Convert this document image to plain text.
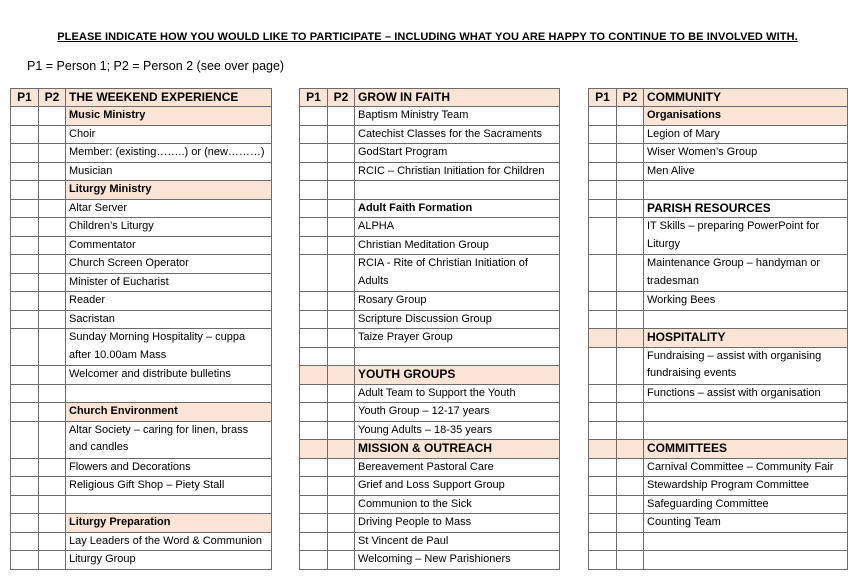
PLEASE INDICATE HOW YOU WOULD LIKE TO PARTICIPATE – INCLUDING WHAT YOU ARE HAPPY TO CONTINUE TO BE INVOLVED WITH.
P1 = Person 1; P2 = Person 2 (see over page)
P1	P2	THE WEEKEND EXPERIENCE
		Music Ministry
		Choir
		Member: (existing……..) or (new………)
		Musician
		Liturgy Ministry
		Altar Server
		Children’s Liturgy
		Commentator
		Church Screen Operator
		Minister of Eucharist
		Reader
		Sacristan
		Sunday Morning Hospitality – cuppa after 10.00am Mass
		Welcomer and distribute bulletins

		Church Environment
		Altar Society – caring for linen, brass and candles
		Flowers and Decorations
		Religious Gift Shop – Piety Stall

		Liturgy Preparation
		Lay Leaders of the Word & Communion
		Liturgy Group
P1	P2	GROW IN FAITH
		Baptism Ministry Team
		Catechist Classes for the Sacraments
		GodStart Program
		RCIC – Christian Initiation for Children

		Adult Faith Formation
		ALPHA
		Christian Meditation Group
		RCIA - Rite of Christian Initiation of Adults
		Rosary Group
		Scripture Discussion Group
		Taize Prayer Group

		YOUTH GROUPS
		Adult Team to Support the Youth
		Youth Group – 12-17 years
		Young Adults – 18-35 years
		MISSION & OUTREACH
		Bereavement Pastoral Care
		Grief and Loss Support Group
		Communion to the Sick
		Driving People to Mass
		St Vincent de Paul
		Welcoming – New Parishioners
P1	P2	COMMUNITY
		Organisations
		Legion of Mary
		Wiser Women’s Group
		Men Alive

		PARISH RESOURCES
		IT Skills – preparing PowerPoint for Liturgy
		Maintenance Group – handyman or tradesman
		Working Bees

		HOSPITALITY
		Fundraising – assist with organising fundraising events
		Functions – assist with organisation

		COMMITTEES
		Carnival Committee – Community Fair
		Stewardship Program Committee
		Safeguarding Committee
		Counting Team
